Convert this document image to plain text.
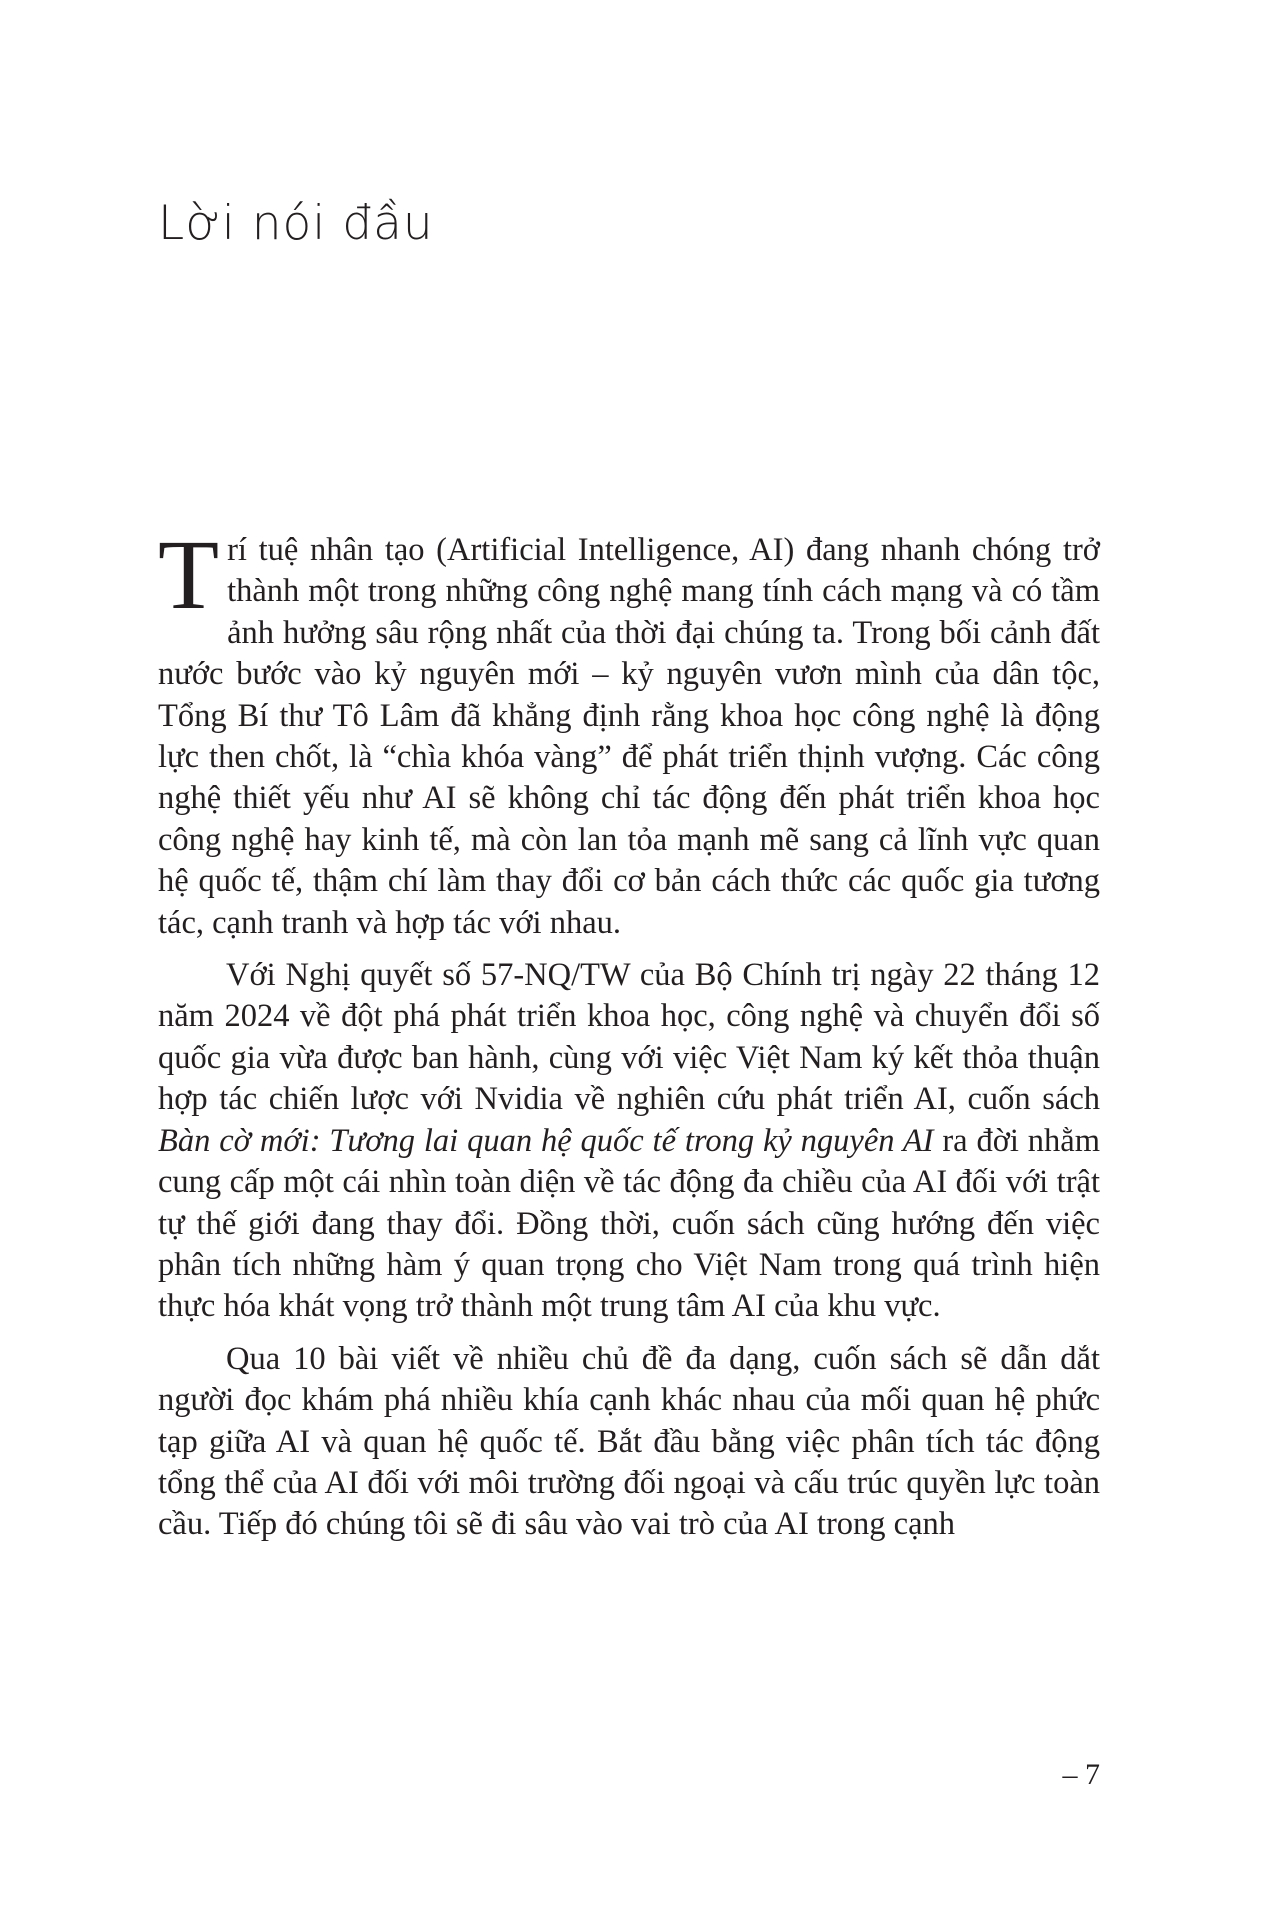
Lời nói đầu

Trí tuệ nhân tạo (Artificial Intelligence, AI) đang nhanh chóng trở thành một trong những công nghệ mang tính cách mạng và có tầm ảnh hưởng sâu rộng nhất của thời đại chúng ta. Trong bối cảnh đất nước bước vào kỷ nguyên mới – kỷ nguyên vươn mình của dân tộc, Tổng Bí thư Tô Lâm đã khẳng định rằng khoa học công nghệ là động lực then chốt, là “chìa khóa vàng” để phát triển thịnh vượng. Các công nghệ thiết yếu như AI sẽ không chỉ tác động đến phát triển khoa học công nghệ hay kinh tế, mà còn lan tỏa mạnh mẽ sang cả lĩnh vực quan hệ quốc tế, thậm chí làm thay đổi cơ bản cách thức các quốc gia tương tác, cạnh tranh và hợp tác với nhau.

Với Nghị quyết số 57-NQ/TW của Bộ Chính trị ngày 22 tháng 12 năm 2024 về đột phá phát triển khoa học, công nghệ và chuyển đổi số quốc gia vừa được ban hành, cùng với việc Việt Nam ký kết thỏa thuận hợp tác chiến lược với Nvidia về nghiên cứu phát triển AI, cuốn sách Bàn cờ mới: Tương lai quan hệ quốc tế trong kỷ nguyên AI ra đời nhằm cung cấp một cái nhìn toàn diện về tác động đa chiều của AI đối với trật tự thế giới đang thay đổi. Đồng thời, cuốn sách cũng hướng đến việc phân tích những hàm ý quan trọng cho Việt Nam trong quá trình hiện thực hóa khát vọng trở thành một trung tâm AI của khu vực.

Qua 10 bài viết về nhiều chủ đề đa dạng, cuốn sách sẽ dẫn dắt người đọc khám phá nhiều khía cạnh khác nhau của mối quan hệ phức tạp giữa AI và quan hệ quốc tế. Bắt đầu bằng việc phân tích tác động tổng thể của AI đối với môi trường đối ngoại và cấu trúc quyền lực toàn cầu. Tiếp đó chúng tôi sẽ đi sâu vào vai trò của AI trong cạnh

– 7
